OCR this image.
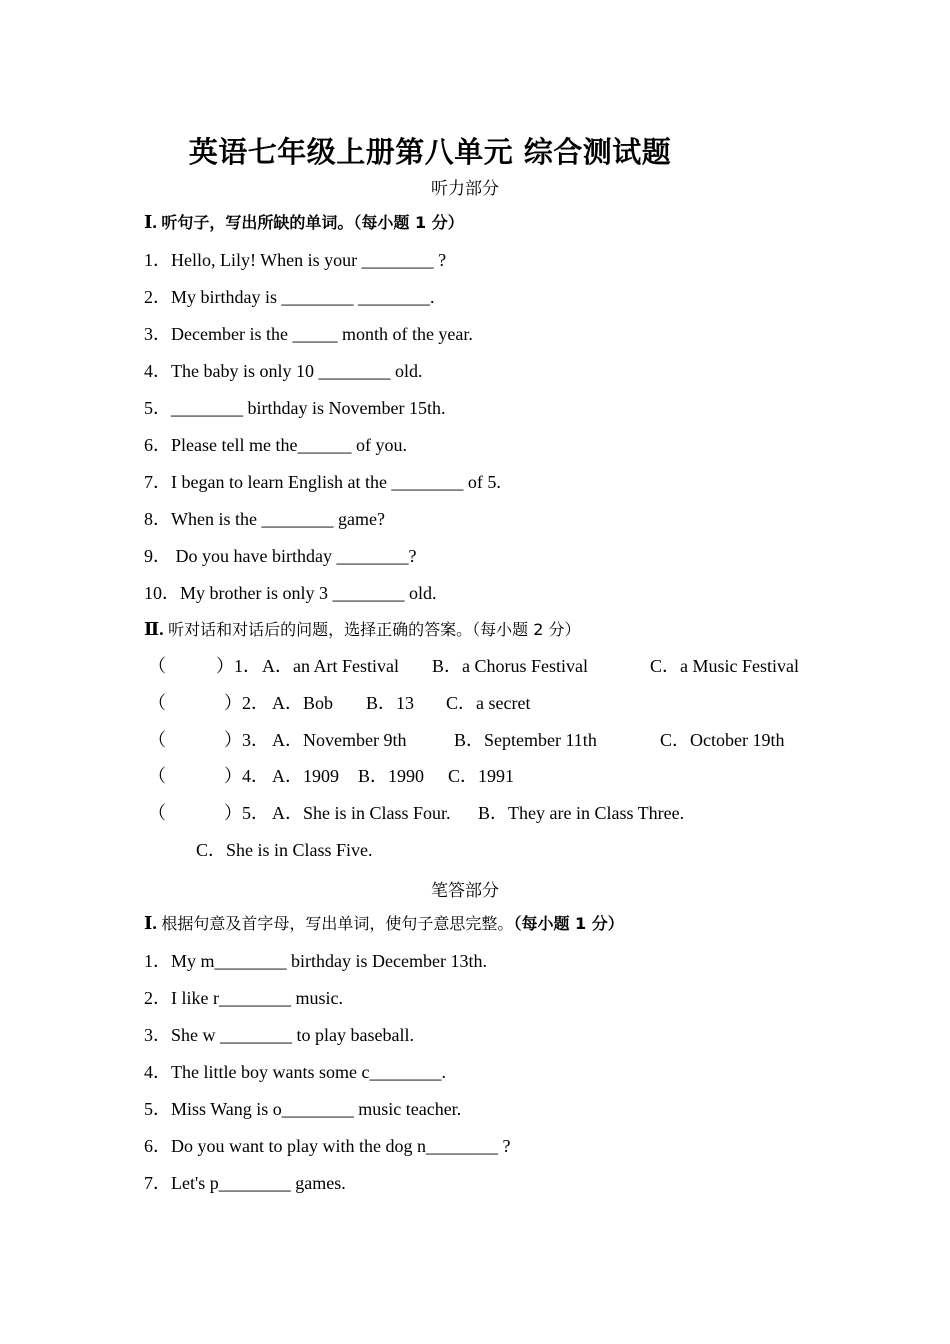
英语七年级上册第八单元 综合测试题
听力部分
Ⅰ. 听句子，写出所缺的单词。（每小题 1 分）
1．Hello, Lily! When is your ________ ?
2．My birthday is ________ ________.
3．December is the _____ month of the year.
4．The baby is only 10 ________ old.
5．________ birthday is November 15th.
6．Please tell me the______ of you.
7．I began to learn English at the ________ of 5.
8．When is the ________ game?
9． Do you have birthday ________?
10．My brother is only 3 ________ old.
Ⅱ. 听对话和对话后的问题，选择正确的答案。（每小题 2 分）
（	）1． A．an Art Festival B．a Chorus Festival	C．a Music Festival
（	）2． A．Bob B．13 C．a secret
（	）3． A．November 9th	B．September 11th	C．October 19th
（	）4． A．1909 B．1990 C．1991
（	）5． A．She is in Class Four. B．They are in Class Three.
C．She is in Class Five.
笔答部分
Ⅰ. 根据句意及首字母，写出单词，使句子意思完整。（每小题 1 分）
1．My m________ birthday is December 13th.
2．I like r________ music.
3．She w ________ to play baseball.
4．The little boy wants some c________.
5．Miss Wang is o________ music teacher.
6．Do you want to play with the dog n________ ?
7．Let's p________ games.
